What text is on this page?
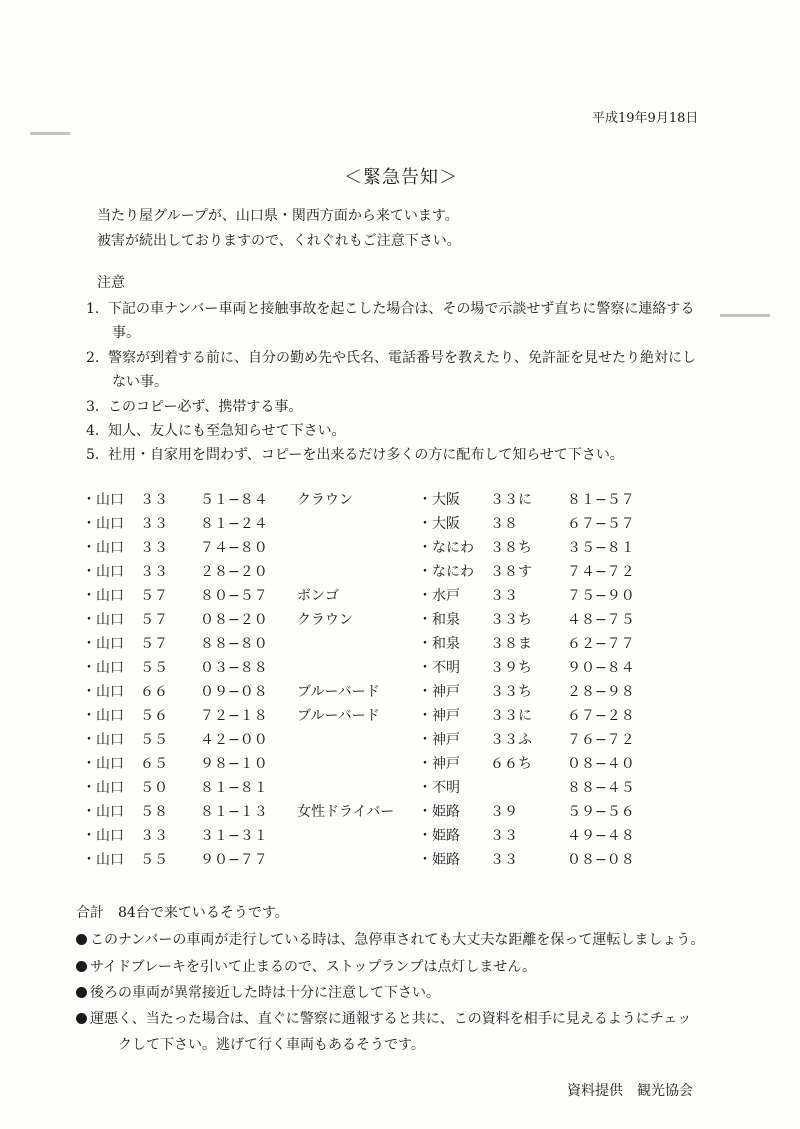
平成19年9月18日
＜緊急告知＞
当たり屋グループが、山口県・関西方面から来ています。
被害が続出しておりますので、くれぐれもご注意下さい。
注意
1. 下記の車ナンバー車両と接触事故を起こした場合は、その場で示談せず直ちに警察に連絡する
事。
2. 警察が到着する前に、自分の勤め先や氏名、電話番号を教えたり、免許証を見せたり絶対にし
ない事。
3. このコピー必ず、携帯する事。
4. 知人、友人にも至急知らせて下さい。
5. 社用・自家用を問わず、コピーを出来るだけ多くの方に配布して知らせて下さい。
・山口 ３３ ５１−８４ クラウン	・大阪 ３３に	８１−５７
・山口 ３３ ８１−２４	・大阪 ３８	６７−５７
・山口 ３３ ７４−８０	・なにわ ３８ち	３５−８１
・山口 ３３ ２８−２０	・なにわ ３８す	７４−７２
・山口 ５７ ８０−５７ ボンゴ	・水戸 ３３	７５−９０
・山口 ５７ ０８−２０ クラウン	・和泉 ３３ち	４８−７５
・山口 ５７ ８８−８０	・和泉 ３８ま	６２−７７
・山口 ５５ ０３−８８	・不明 ３９ち	９０−８４
・山口 ６６ ０９−０８ ブルーバード	・神戸 ３３ち	２８−９８
・山口 ５６ ７２−１８ ブルーバード	・神戸 ３３に	６７−２８
・山口 ５５ ４２−００	・神戸 ３３ふ	７６−７２
・山口 ６５ ９８−１０	・神戸 ６６ち	０８−４０
・山口 ５０ ８１−８１	・不明	８８−４５
・山口 ５８ ８１−１３ 女性ドライバー ・姫路 ３９	５９−５６
・山口 ３３ ３１−３１	・姫路 ３３	４９−４８
・山口 ５５ ９０−７７	・姫路 ３３	０８−０８
合計　84台で来ているそうです。
このナンバーの車両が走行している時は、急停車されても大丈夫な距離を保って運転しましょう。
サイドブレーキを引いて止まるので、ストップランプは点灯しません。
後ろの車両が異常接近した時は十分に注意して下さい。
運悪く、当たった場合は、直ぐに警察に通報すると共に、この資料を相手に見えるようにチェッ
クして下さい。逃げて行く車両もあるそうです。
資料提供　観光協会
